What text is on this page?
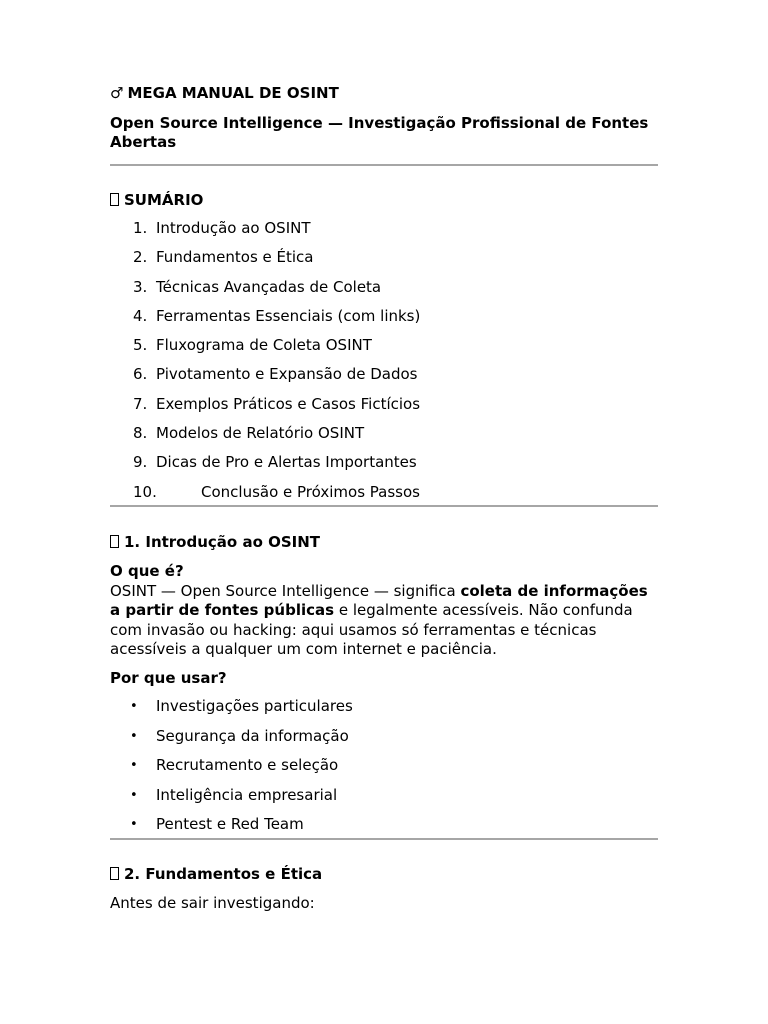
♂ MEGA MANUAL DE OSINT

Open Source Intelligence — Investigação Profissional de Fontes Abertas

SUMÁRIO

1. Introdução ao OSINT
2. Fundamentos e Ética
3. Técnicas Avançadas de Coleta
4. Ferramentas Essenciais (com links)
5. Fluxograma de Coleta OSINT
6. Pivotamento e Expansão de Dados
7. Exemplos Práticos e Casos Fictícios
8. Modelos de Relatório OSINT
9. Dicas de Pro e Alertas Importantes
10.	Conclusão e Próximos Passos

1. Introdução ao OSINT

O que é?

OSINT — Open Source Intelligence — significa coleta de informações a partir de fontes públicas e legalmente acessíveis. Não confunda com invasão ou hacking: aqui usamos só ferramentas e técnicas acessíveis a qualquer um com internet e paciência.

Por que usar?

•	Investigações particulares
•	Segurança da informação
•	Recrutamento e seleção
•	Inteligência empresarial
•	Pentest e Red Team

2. Fundamentos e Ética

Antes de sair investigando:
